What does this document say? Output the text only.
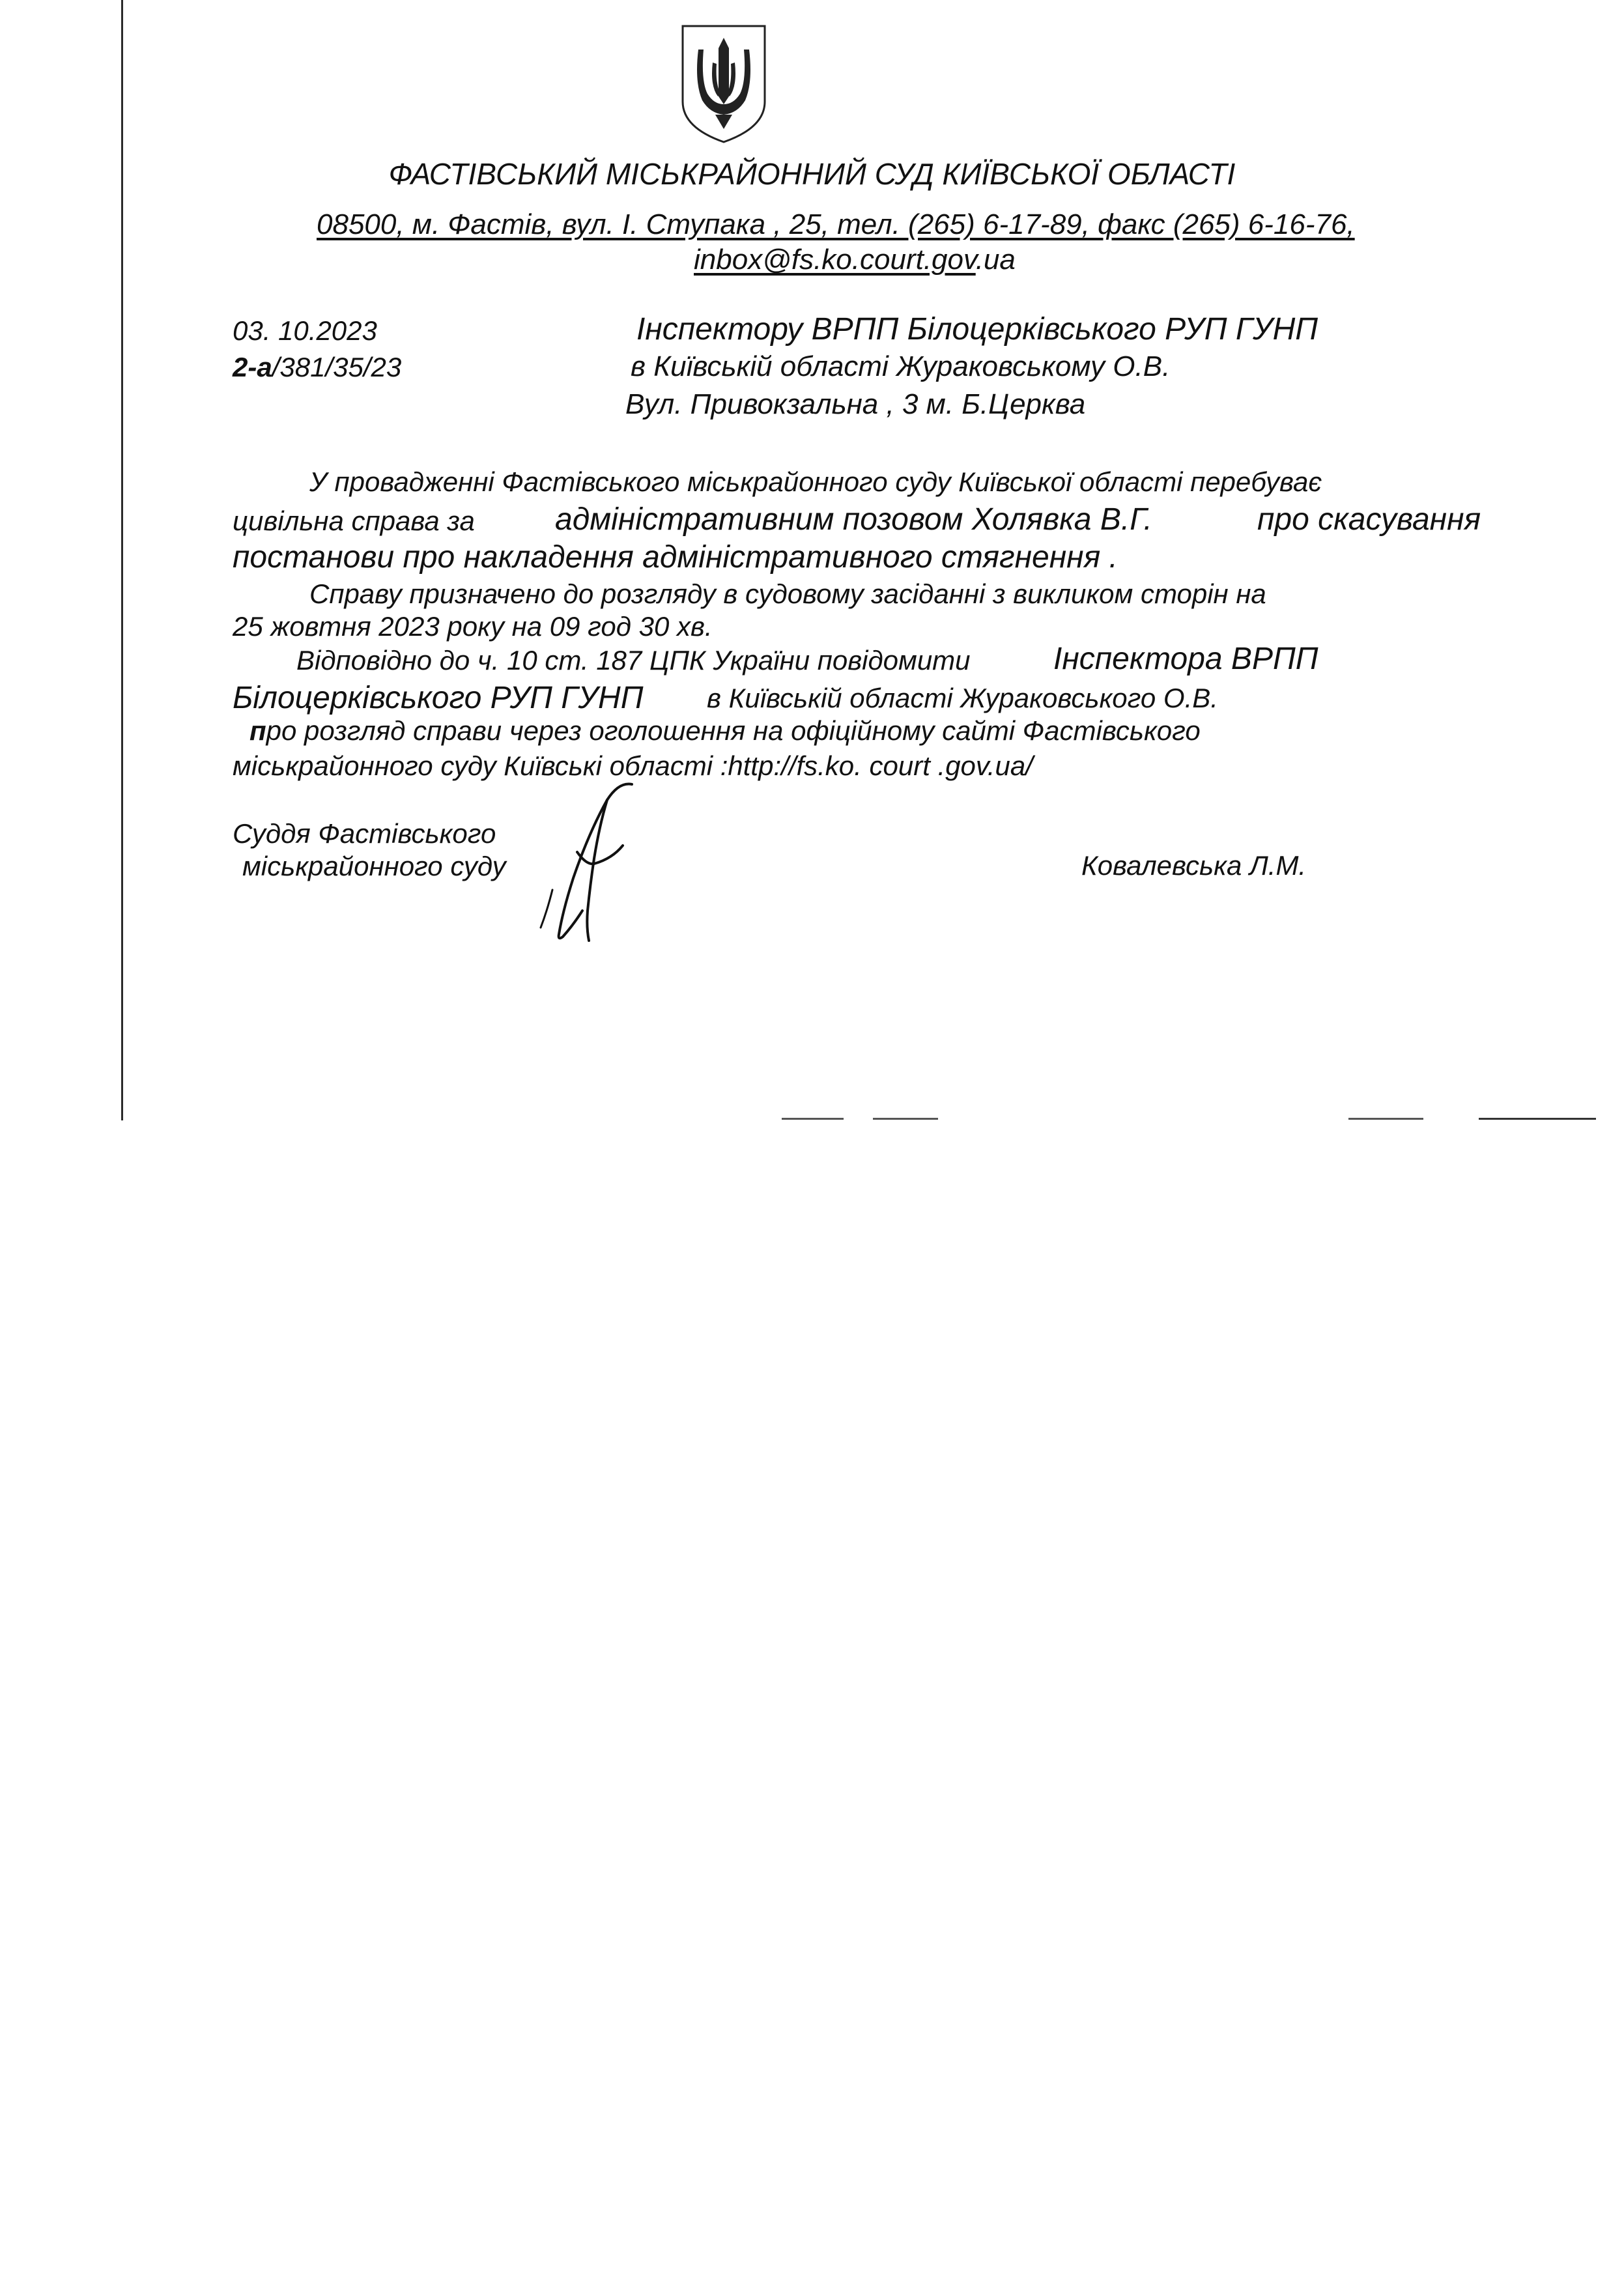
ФАСТІВСЬКИЙ МІСЬКРАЙОННИЙ СУД КИЇВСЬКОЇ ОБЛАСТІ
08500, м. Фастів, вул. І. Ступака , 25, тел. (265) 6-17-89, факс (265) 6-16-76,
inbox@fs.ko.court.gov.ua
03. 10.2023
2-а/381/35/23
Інспектору ВРПП Білоцерківського РУП ГУНП
в Київській області Жураковському О.В.
Вул. Привокзальна , 3 м. Б.Церква
У провадженні Фастівського міськрайонного суду Київської області перебуває
цивільна справа за	адміністративним позовом Холявка В.Г.	про скасування
постанови про накладення адміністративного стягнення .
Справу призначено до розгляду в судовому засіданні з викликом сторін на
25 жовтня 2023 року на 09 год 30 хв.
Відповідно до ч. 10 ст. 187 ЦПК України повідомити	Інспектора ВРПП
Білоцерківського РУП ГУНП в Київській області Жураковського О.В.
про розгляд справи через оголошення на офіційному сайті Фастівського
міськрайонного суду Київські області :http://fs.ko. court .gov.ua/
Суддя Фастівського
міськрайонного суду	Ковалевська Л.М.
